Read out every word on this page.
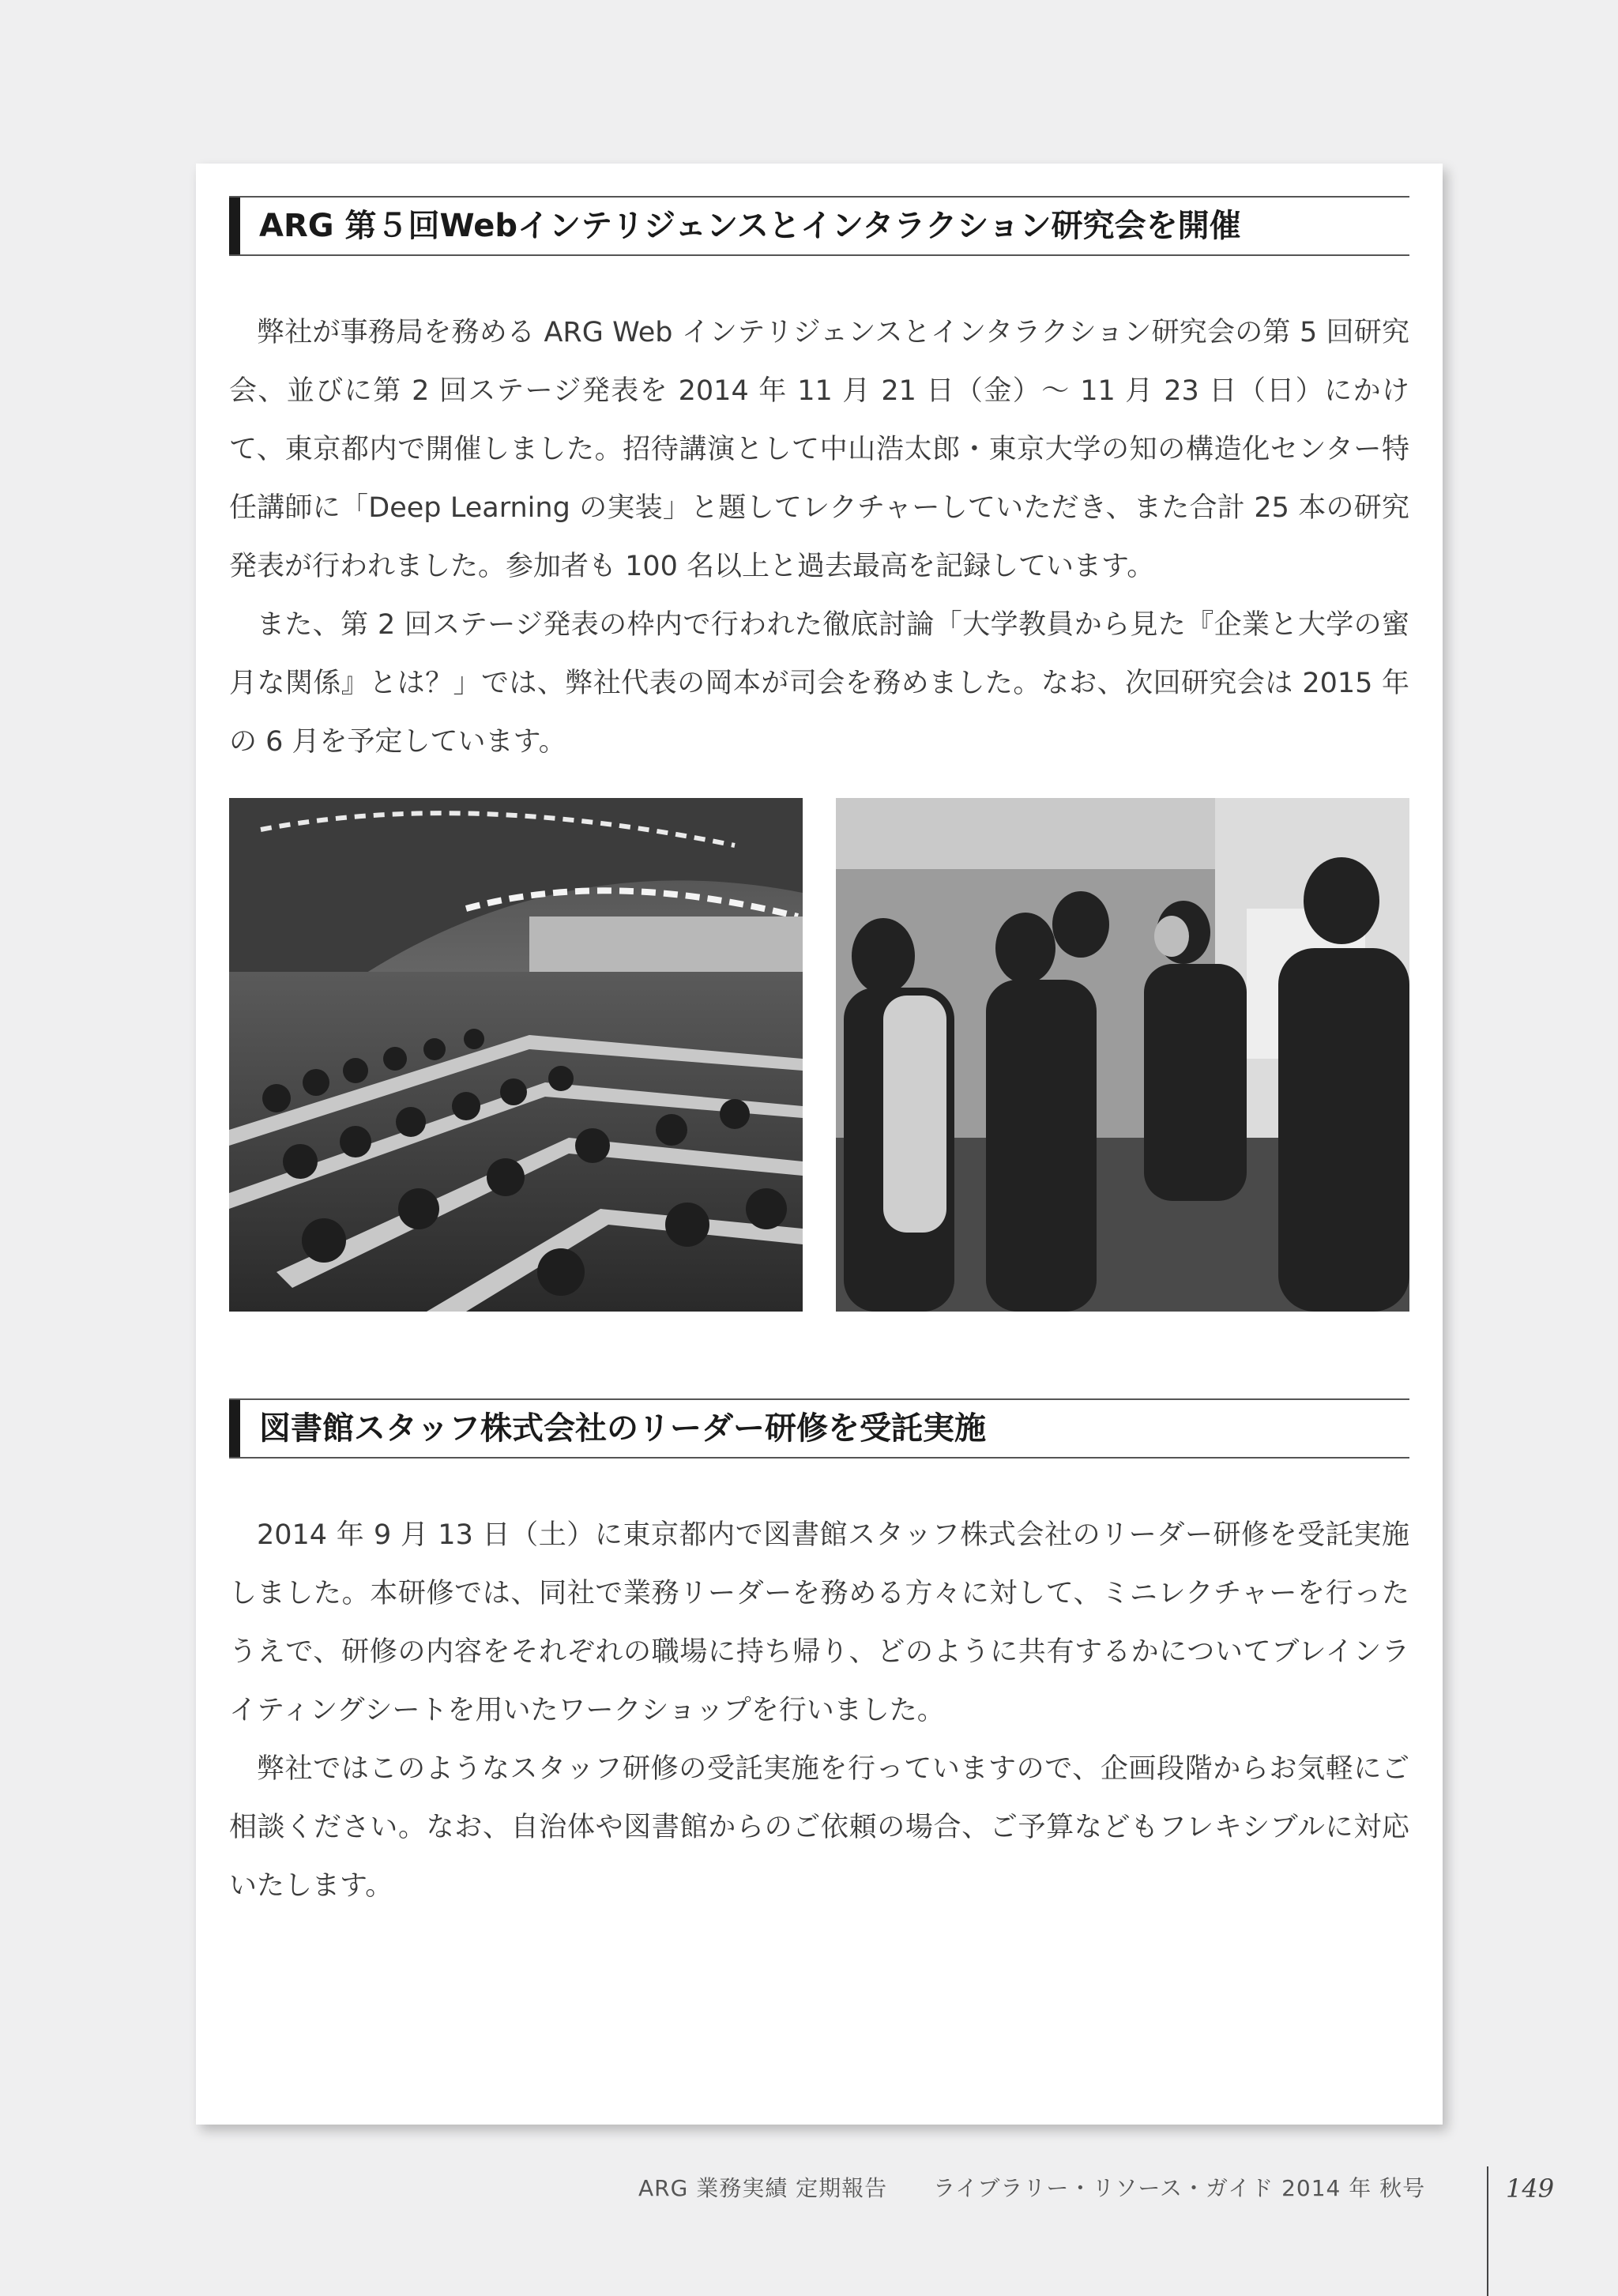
ARG 第５回Webインテリジェンスとインタラクション研究会を開催

弊社が事務局を務める ARG Web インテリジェンスとインタラクション研究会の第 5 回研究会、並びに第 2 回ステージ発表を 2014 年 11 月 21 日（金）～ 11 月 23 日（日）にかけて、東京都内で開催しました。招待講演として中山浩太郎・東京大学の知の構造化センター特任講師に「Deep Learning の実装」と題してレクチャーしていただき、また合計 25 本の研究発表が行われました。参加者も 100 名以上と過去最高を記録しています。

また、第 2 回ステージ発表の枠内で行われた徹底討論「大学教員から見た『企業と大学の蜜月な関係』とは？」では、弊社代表の岡本が司会を務めました。なお、次回研究会は 2015 年の 6 月を予定しています。

図書館スタッフ株式会社のリーダー研修を受託実施

2014 年 9 月 13 日（土）に東京都内で図書館スタッフ株式会社のリーダー研修を受託実施しました。本研修では、同社で業務リーダーを務める方々に対して、ミニレクチャーを行ったうえで、研修の内容をそれぞれの職場に持ち帰り、どのように共有するかについてブレインライティングシートを用いたワークショップを行いました。

弊社ではこのようなスタッフ研修の受託実施を行っていますので、企画段階からお気軽にご相談ください。なお、自治体や図書館からのご依頼の場合、ご予算などもフレキシブルに対応いたします。

ARG 業務実績 定期報告　　ライブラリー・リソース・ガイド 2014 年 秋号	149
